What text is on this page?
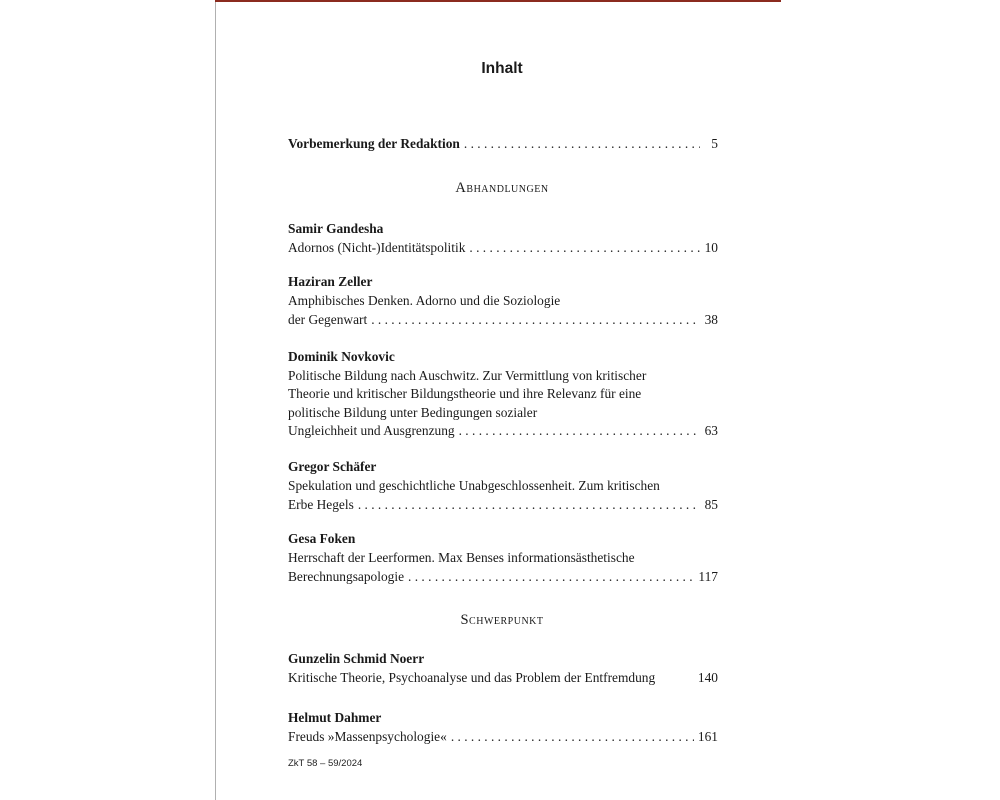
Inhalt
Vorbemerkung der Redaktion . . .	5
Samir Gandesha
Adornos (Nicht-)Identitätspolitik . . .	10
Haziran Zeller
Amphibisches Denken. Adorno und die Soziologie
der Gegenwart . . .	38
Dominik Novkovic
Politische Bildung nach Auschwitz. Zur Vermittlung von kritischer
Theorie und kritischer Bildungstheorie und ihre Relevanz für eine
politische Bildung unter Bedingungen sozialer
Ungleichheit und Ausgrenzung . . .	63
Gregor Schäfer
Spekulation und geschichtliche Unabgeschlossenheit. Zum kritischen
Erbe Hegels . . .	85
Gesa Foken
Herrschaft der Leerformen. Max Benses informationsästhetische
Berechnungsapologie . . .	117
Gunzelin Schmid Noerr
Kritische Theorie, Psychoanalyse und das Problem der Entfremdung	140
Helmut Dahmer
Freuds »Massenpsychologie« . . .	161
Abhandlungen
Schwerpunkt
ZkT 58 – 59/2024
